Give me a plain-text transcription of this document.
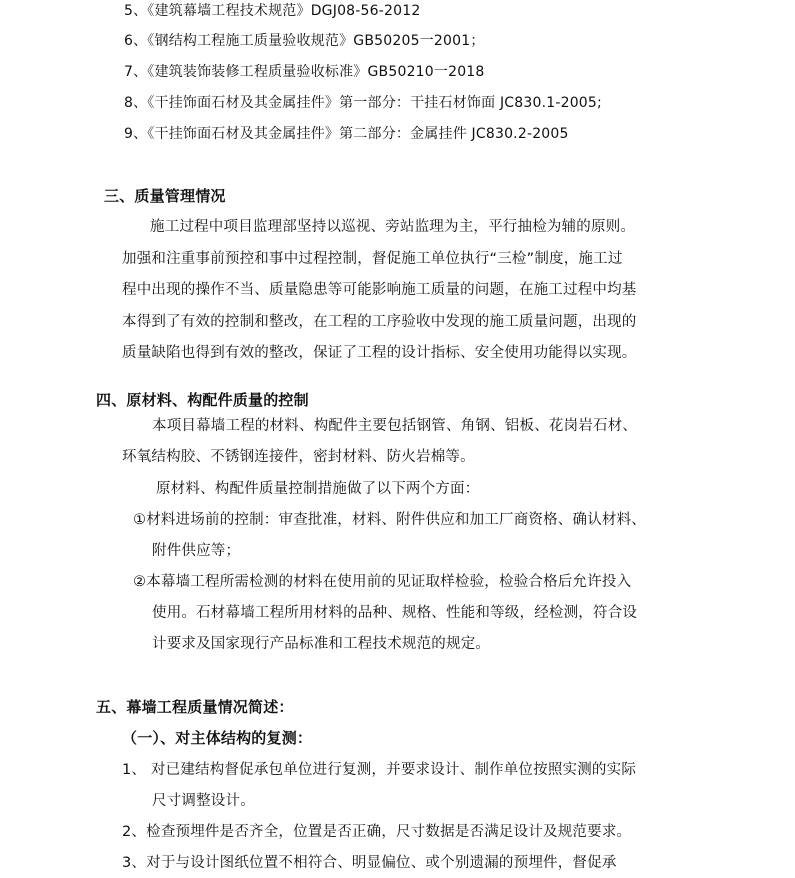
5、《建筑幕墙工程技术规范》DGJ08-56-2012
6、《钢结构工程施工质量验收规范》GB50205一2001；
7、《建筑装饰装修工程质量验收标准》GB50210一2018
8、《干挂饰面石材及其金属挂件》第一部分：干挂石材饰面 JC830.1-2005;
9、《干挂饰面石材及其金属挂件》第二部分：金属挂件 JC830.2-2005
三、质量管理情况
施工过程中项目监理部坚持以巡视、旁站监理为主，平行抽检为辅的原则。
加强和注重事前预控和事中过程控制，督促施工单位执行“三检”制度，施工过
程中出现的操作不当、质量隐患等可能影响施工质量的问题，在施工过程中均基
本得到了有效的控制和整改，在工程的工序验收中发现的施工质量问题，出现的
质量缺陷也得到有效的整改，保证了工程的设计指标、安全使用功能得以实现。
四、原材料、构配件质量的控制
本项目幕墙工程的材料、构配件主要包括钢管、角钢、铝板、花岗岩石材、
环氧结构胶、不锈钢连接件，密封材料、防火岩棉等。
原材料、构配件质量控制措施做了以下两个方面：
①材料进场前的控制：审查批准，材料、附件供应和加工厂商资格、确认材料、
附件供应等；
②本幕墙工程所需检测的材料在使用前的见证取样检验，检验合格后允许投入
使用。石材幕墙工程所用材料的品种、规格、性能和等级，经检测，符合设
计要求及国家现行产品标准和工程技术规范的规定。
五、幕墙工程质量情况简述：
（一）、对主体结构的复测：
1、 对已建结构督促承包单位进行复测，并要求设计、制作单位按照实测的实际
尺寸调整设计。
2、检查预埋件是否齐全，位置是否正确，尺寸数据是否满足设计及规范要求。
3、对于与设计图纸位置不相符合、明显偏位、或个别遗漏的预埋件，督促承
